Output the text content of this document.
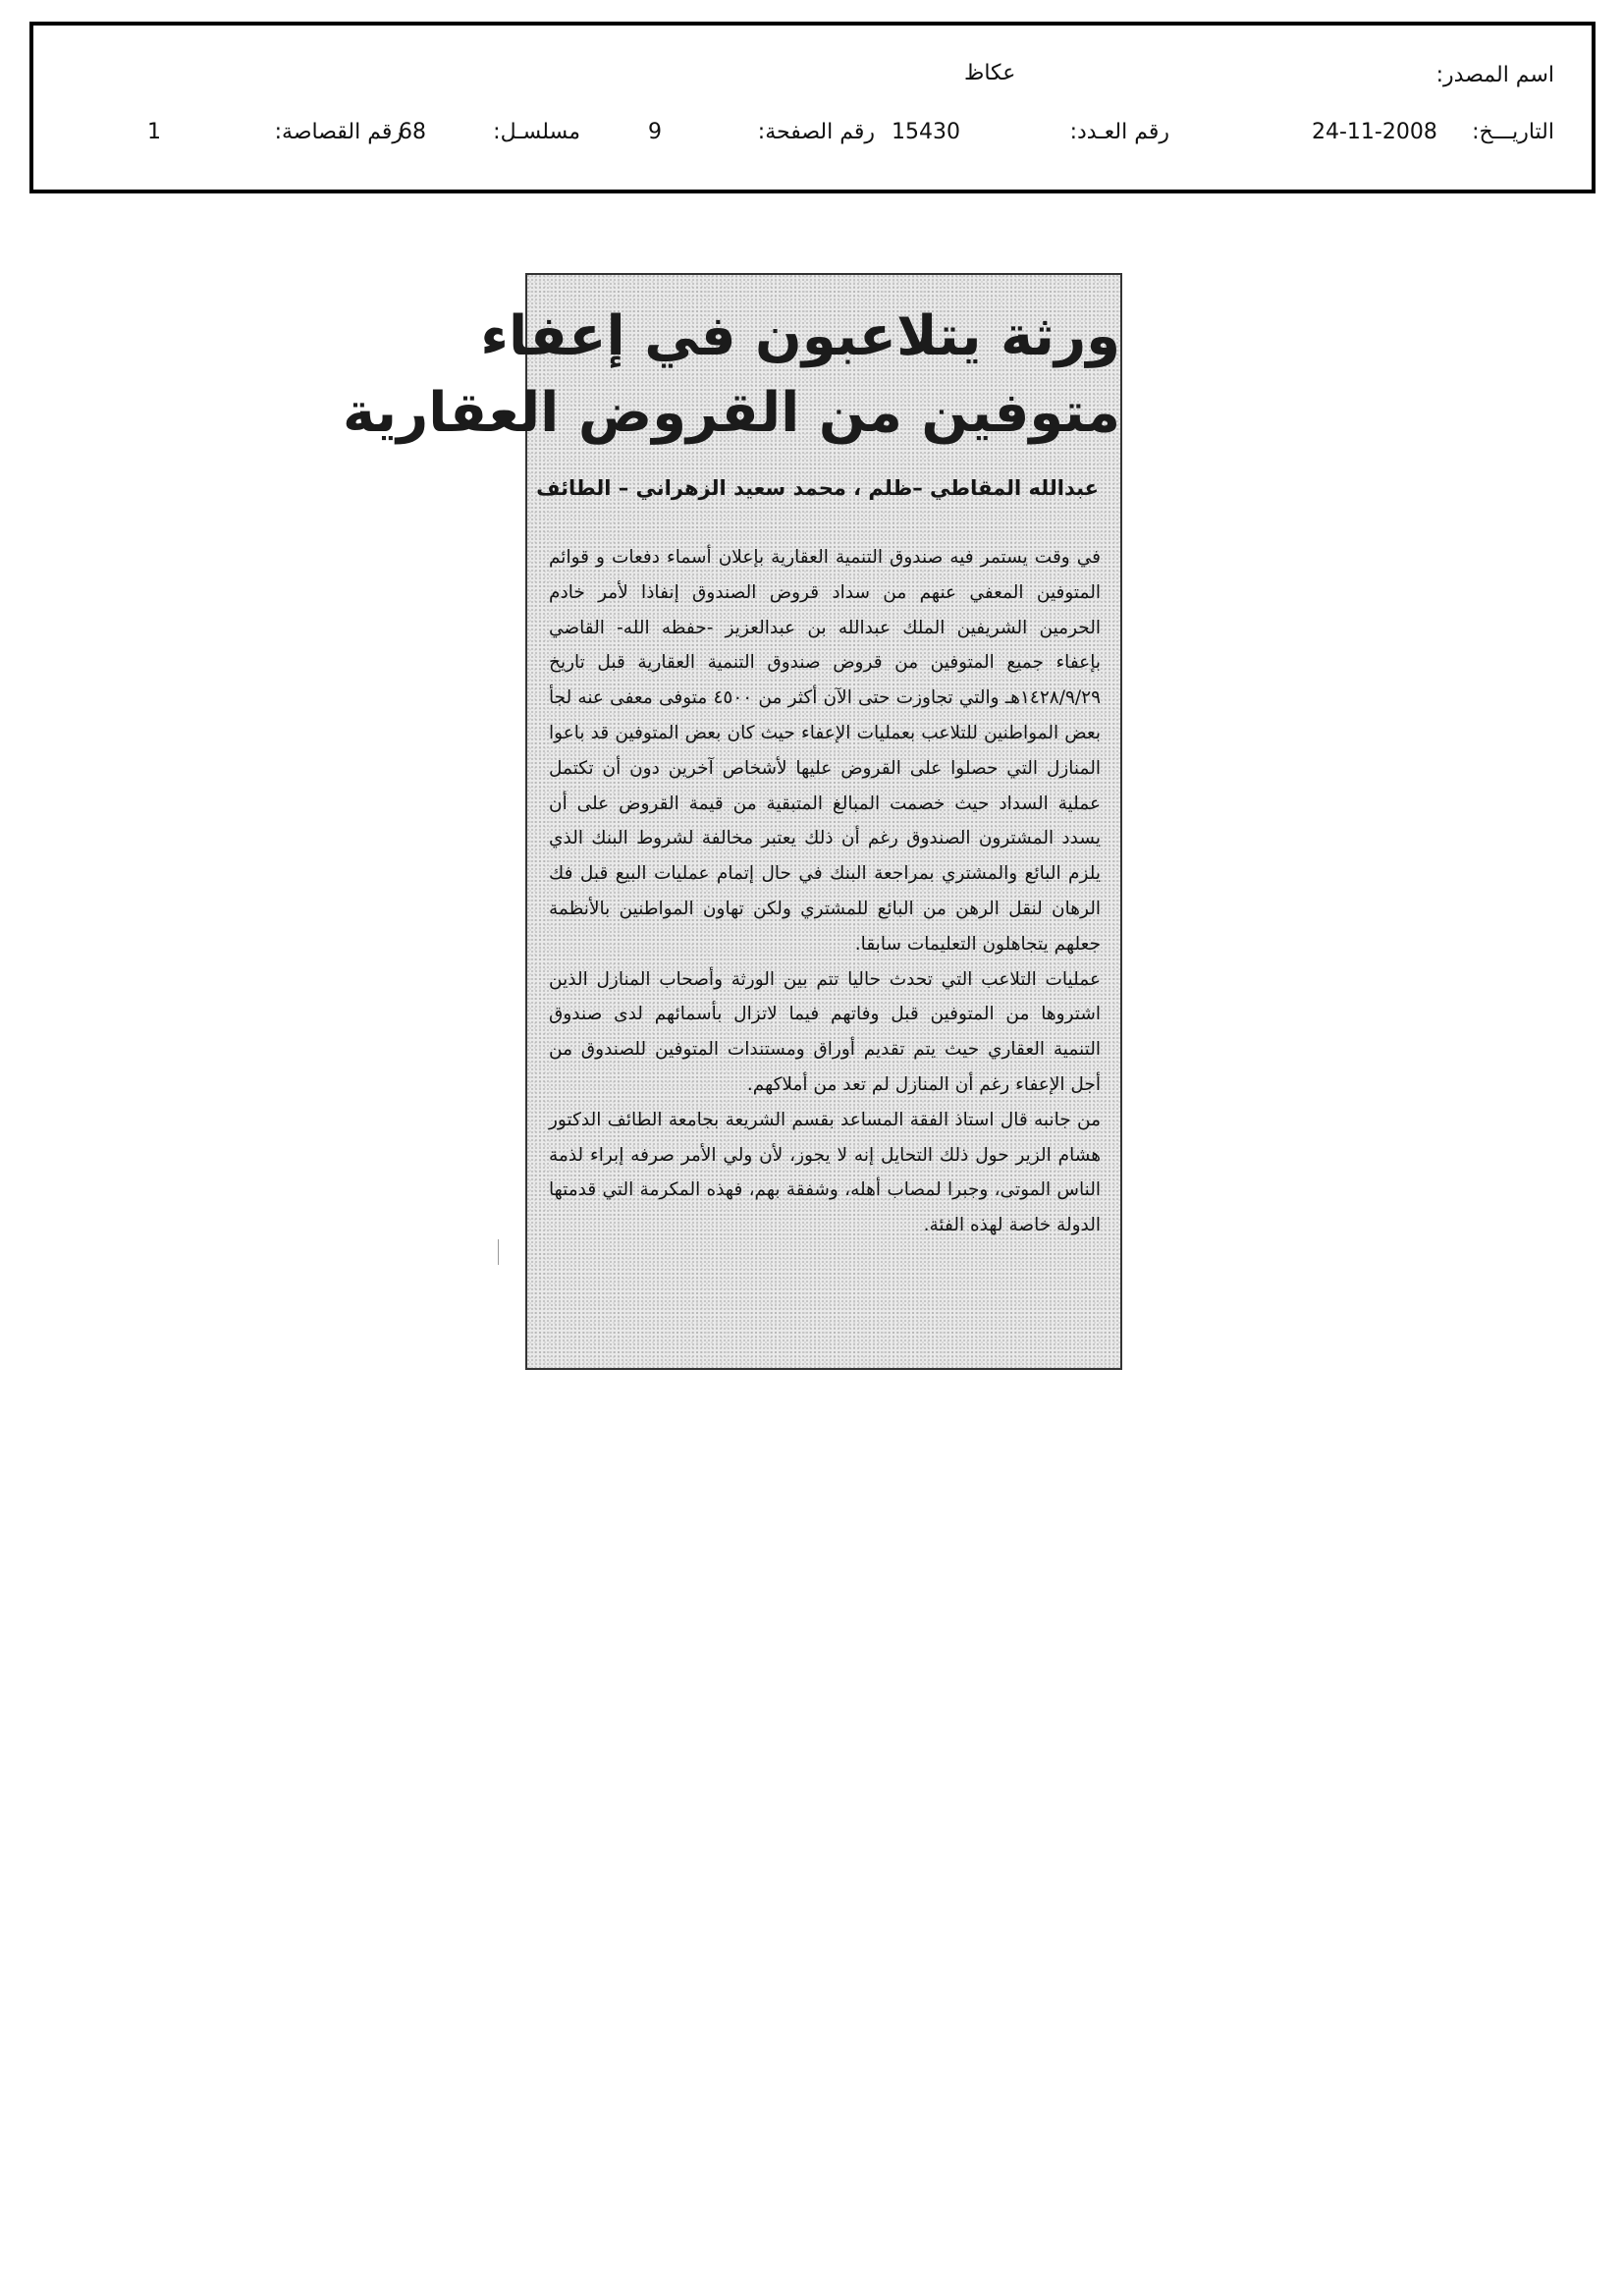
اسم المصدر:
عكاظ
التاريـــخ:
24-11-2008
رقم العـدد:
15430
رقم الصفحة:
9
مسلسـل:
68
رقم القصاصة:
1
ورثة يتلاعبون في إعفاء
متوفين من القروض العقارية
عبدالله المقاطي –ظلم ، محمد سعيد الزهراني – الطائف

في وقت يستمر فيه صندوق التنمية العقارية بإعلان أسماء دفعات و قوائم المتوفين المعفي عنهم من سداد قروض الصندوق إنفاذا لأمر خادم الحرمين الشريفين الملك عبدالله بن عبدالعزيز -حفظه الله- القاضي بإعفاء جميع المتوفين من قروض صندوق التنمية العقارية قبل تاريخ ١٤٢٨/٩/٢٩هـ والتي تجاوزت حتى الآن أكثر من ٤٥٠٠ متوفى معفى عنه لجأ بعض المواطنين للتلاعب بعمليات الإعفاء حيث كان بعض المتوفين قد باعوا المنازل التي حصلوا على القروض عليها لأشخاص آخرين دون أن تكتمل عملية السداد حيث خصمت المبالغ المتبقية من قيمة القروض على أن يسدد المشترون الصندوق رغم أن ذلك يعتبر مخالفة لشروط البنك الذي يلزم البائع والمشتري بمراجعة البنك في حال إتمام عمليات البيع قبل فك الرهان لنقل الرهن من البائع للمشتري ولكن تهاون المواطنين بالأنظمة جعلهم يتجاهلون التعليمات سابقا.

عمليات التلاعب التي تحدث حاليا تتم بين الورثة وأصحاب المنازل الذين اشتروها من المتوفين قبل وفاتهم فيما لاتزال بأسمائهم لدى صندوق التنمية العقاري حيث يتم تقديم أوراق ومستندات المتوفين للصندوق من أجل الإعفاء رغم أن المنازل لم تعد من أملاكهم.

من جانبه قال استاذ الفقة المساعد بقسم الشريعة بجامعة الطائف الدكتور هشام الزير حول ذلك التحايل إنه لا يجوز، لأن ولي الأمر صرفه إبراء لذمة الناس الموتى، وجبرا لمصاب أهله، وشفقة بهم، فهذه المكرمة التي قدمتها الدولة خاصة لهذه الفئة.
